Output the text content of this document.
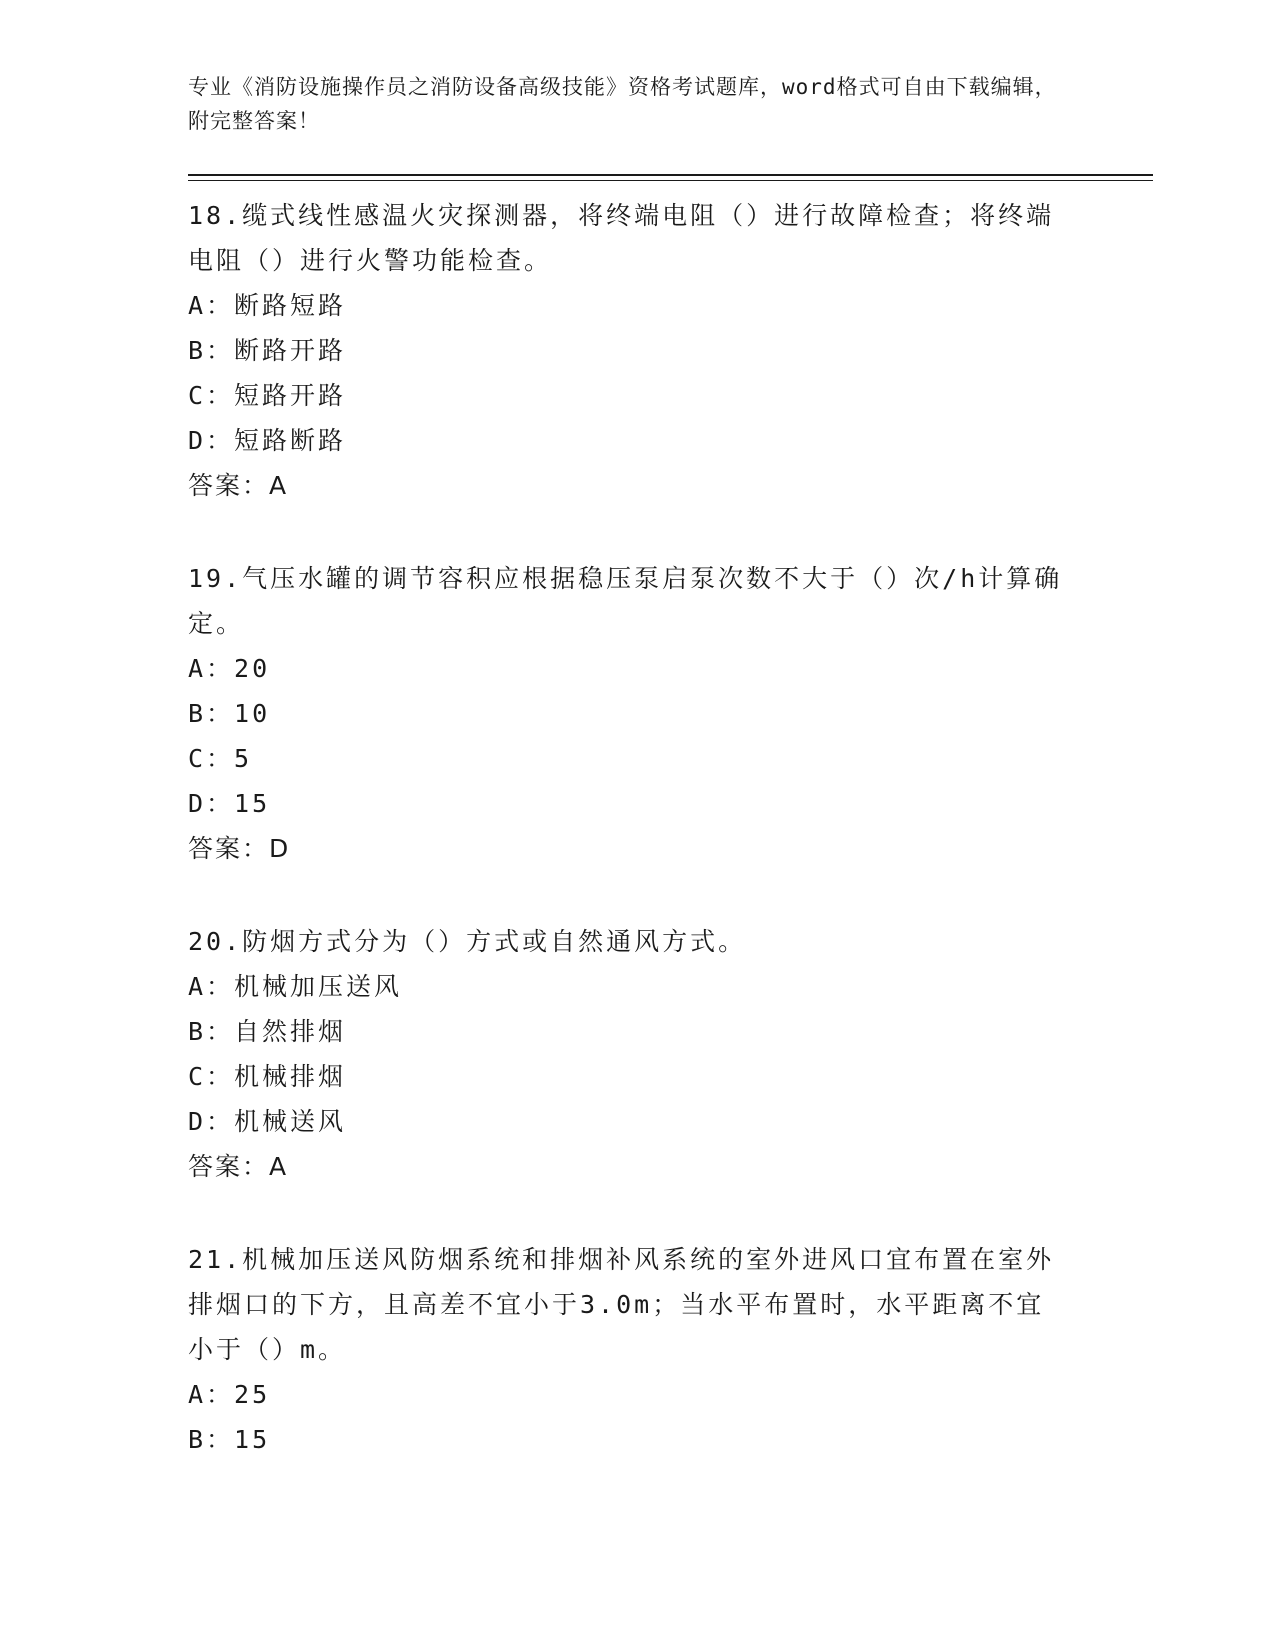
专业《消防设施操作员之消防设备高级技能》资格考试题库，word格式可自由下载编辑，附完整答案！
18.缆式线性感温火灾探测器，将终端电阻（）进行故障检查；将终端电阻（）进行火警功能检查。
A：断路短路
B：断路开路
C：短路开路
D：短路断路
答案：A
19.气压水罐的调节容积应根据稳压泵启泵次数不大于（）次/h计算确定。
A：20
B：10
C：5
D：15
答案：D
20.防烟方式分为（）方式或自然通风方式。
A：机械加压送风
B：自然排烟
C：机械排烟
D：机械送风
答案：A
21.机械加压送风防烟系统和排烟补风系统的室外进风口宜布置在室外排烟口的下方，且高差不宜小于3.0m；当水平布置时，水平距离不宜小于（）m。
A：25
B：15
